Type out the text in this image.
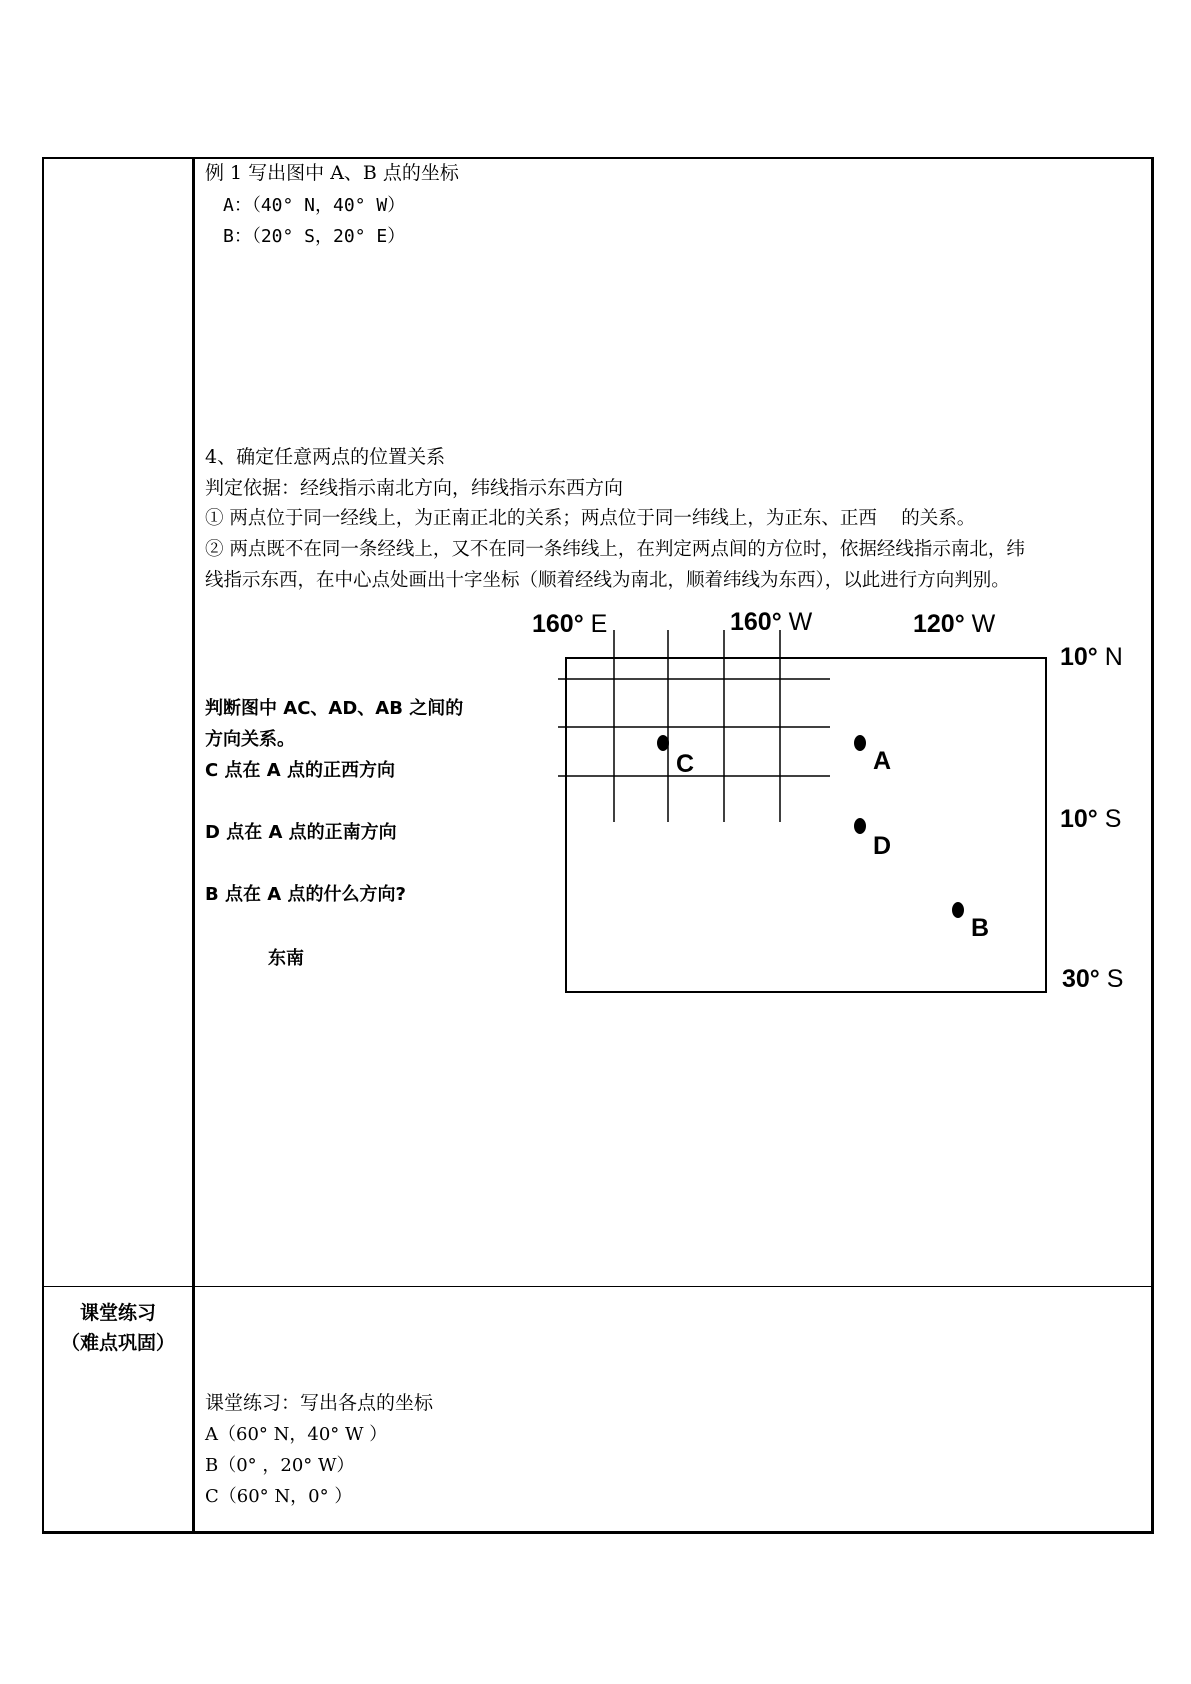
例 1 写出图中 A、B 点的坐标
A：（40° N，40° W）
B：（20° S，20° E）
4、确定任意两点的位置关系
判定依据：经线指示南北方向，纬线指示东西方向
① 两点位于同一经线上，为正南正北的关系；两点位于同一纬线上，为正东、正西　 的关系。
② 两点既不在同一条经线上，又不在同一条纬线上，在判定两点间的方位时，依据经线指示南北，纬
线指示东西，在中心点处画出十字坐标（顺着经线为南北，顺着纬线为东西），以此进行方向判别。
判断图中 AC、AD、AB 之间的
方向关系。
C 点在 A 点的正西方向
D 点在 A 点的正南方向
B 点在 A 点的什么方向?
东南
160° E	160° W	120° W
10° N
10° S
30° S
C	A
D
B
课堂练习
（难点巩固）
课堂练习：写出各点的坐标
A（60° N，40° W ）
B（0° ，20° W）
C（60° N，0° ）
